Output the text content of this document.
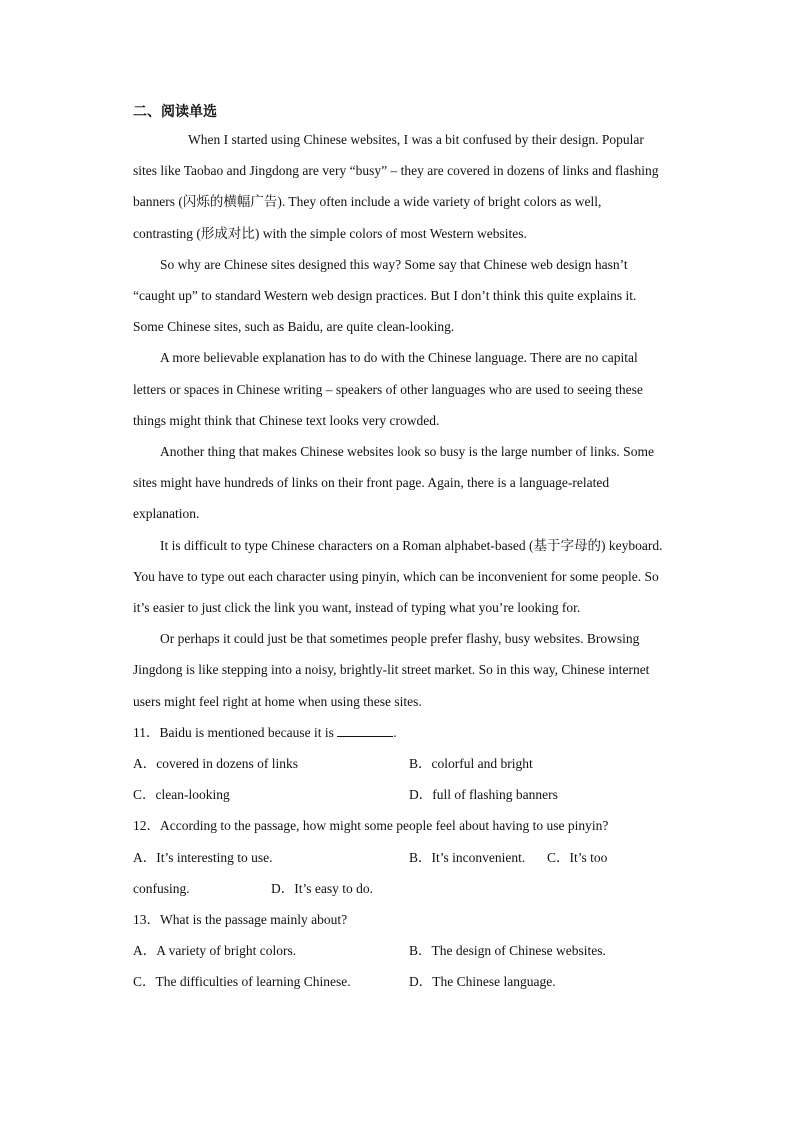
二、阅读单选

When I started using Chinese websites, I was a bit confused by their design. Popular sites like Taobao and Jingdong are very “busy” – they are covered in dozens of links and flashing banners (闪烁的横幅广告). They often include a wide variety of bright colors as well, contrasting (形成对比) with the simple colors of most Western websites.

So why are Chinese sites designed this way? Some say that Chinese web design hasn’t “caught up” to standard Western web design practices. But I don’t think this quite explains it. Some Chinese sites, such as Baidu, are quite clean-looking.

A more believable explanation has to do with the Chinese language. There are no capital letters or spaces in Chinese writing – speakers of other languages who are used to seeing these things might think that Chinese text looks very crowded.

Another thing that makes Chinese websites look so busy is the large number of links. Some sites might have hundreds of links on their front page. Again, there is a language-related explanation.

It is difficult to type Chinese characters on a Roman alphabet-based (基于字母的) keyboard. You have to type out each character using pinyin, which can be inconvenient for some people. So it’s easier to just click the link you want, instead of typing what you’re looking for.

Or perhaps it could just be that sometimes people prefer flashy, busy websites. Browsing Jingdong is like stepping into a noisy, brightly-lit street market. So in this way, Chinese internet users might feel right at home when using these sites.

11．Baidu is mentioned because it is	.

A．covered in dozens of links	B．colorful and bright
C．clean-looking	D．full of flashing banners

12．According to the passage, how might some people feel about having to use pinyin?

A．It’s interesting to use.	B．It’s inconvenient. C．It’s too
confusing.	D．It’s easy to do.

13．What is the passage mainly about?

A．A variety of bright colors.	B．The design of Chinese websites.
C．The difficulties of learning Chinese.	D．The Chinese language.
